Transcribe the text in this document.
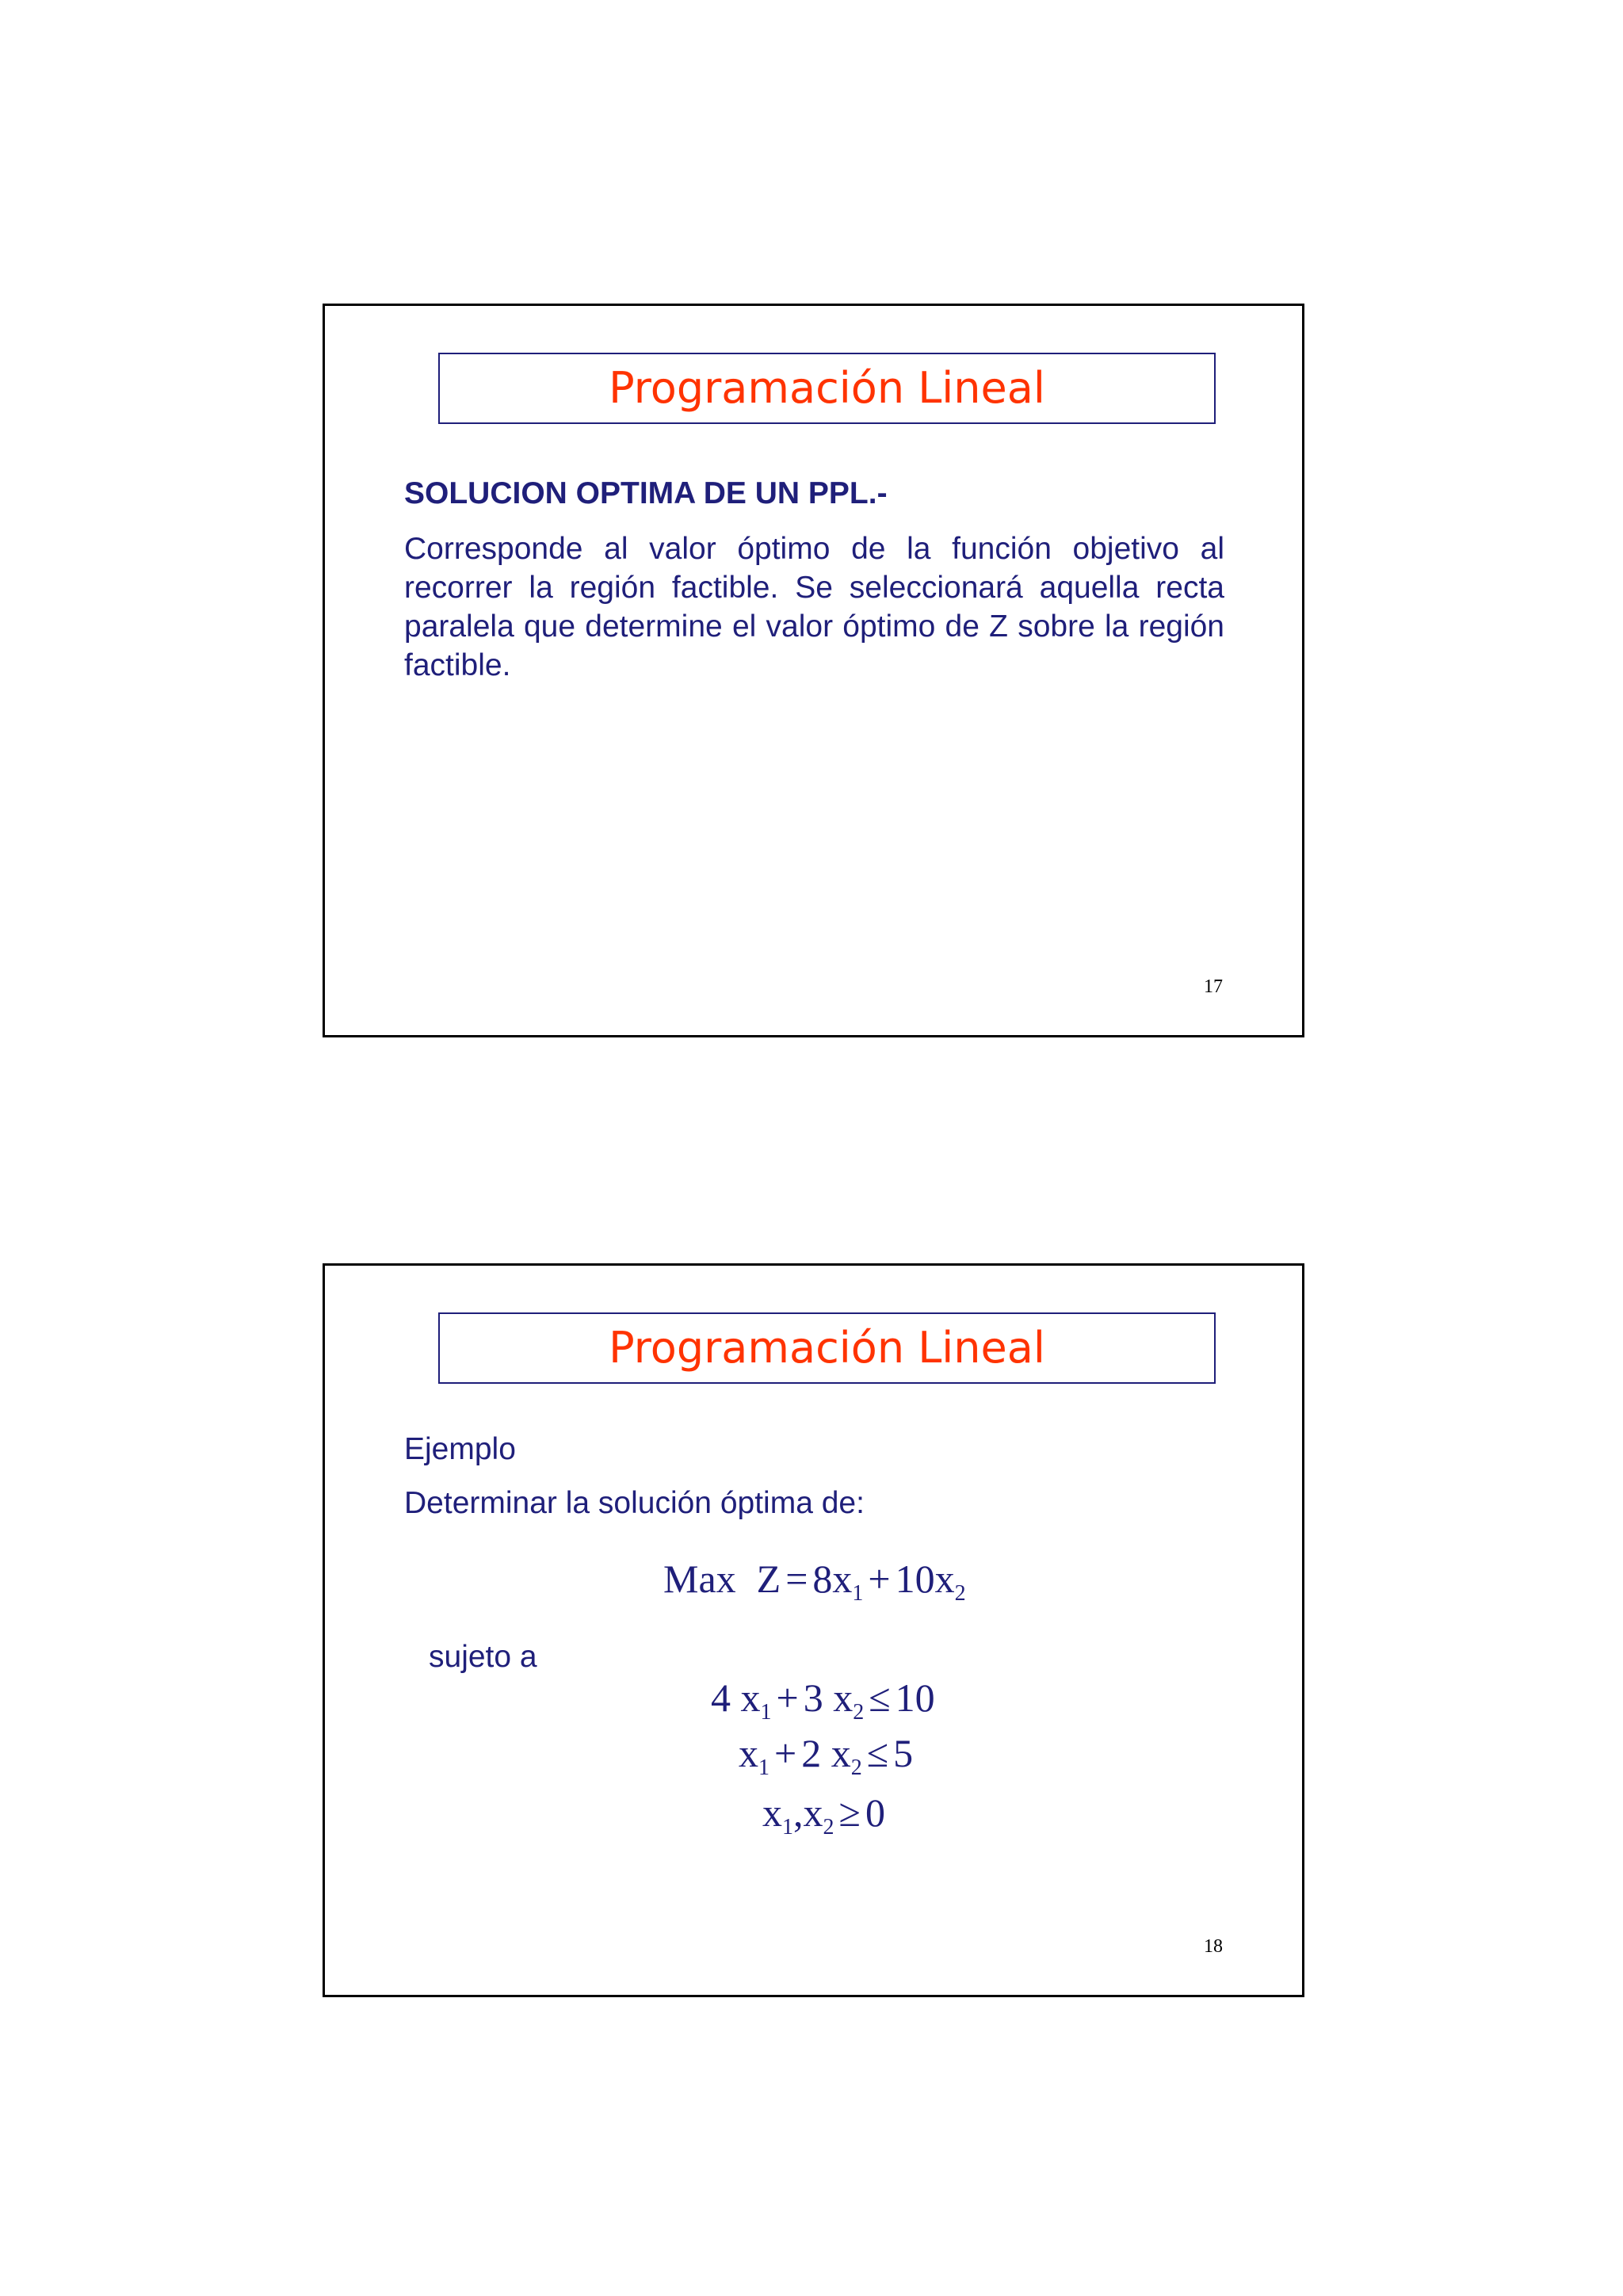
Programación Lineal
SOLUCION OPTIMA DE UN PPL.-

Corresponde al valor óptimo de la función objetivo al recorrer la región factible. Se seleccionará aquella recta paralela que determine el valor óptimo de Z sobre la región factible.

17
Programación Lineal
Ejemplo
Determinar la solución óptima de:
Max $Z = 8x_1 + 10x_2$
sujeto a
4 $x_1 + 3$ $x_2 \le 10$
$x_1 + 2$ $x_2 \le 5$
$x_1,x_2 \ge 0$
18
